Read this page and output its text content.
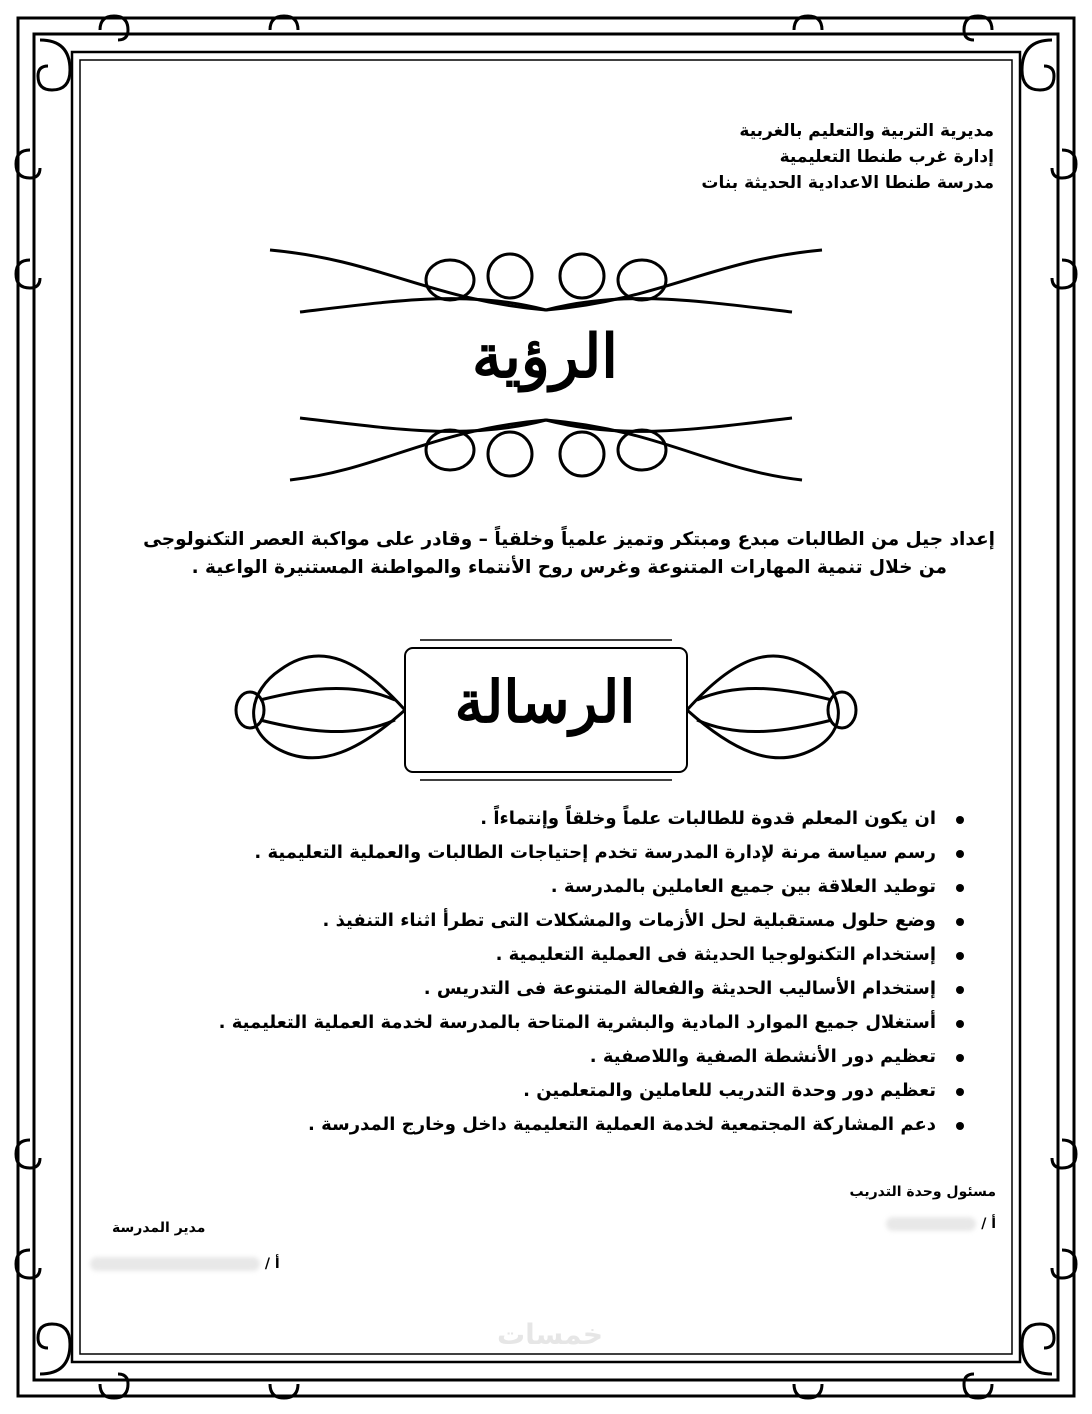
مديرية التربية والتعليم بالغربية
إدارة غرب طنطا التعليمية
مدرسة طنطا الاعدادية الحديثة بنات
الرؤية
إعداد جيل من الطالبات مبدع ومبتكر وتميز علمياً وخلقياً – وقادر على مواكبة العصر التكنولوجى
من خلال تنمية المهارات المتنوعة وغرس روح الأنتماء والمواطنة المستنيرة الواعية .
الرسالة
ان يكون المعلم قدوة للطالبات علماً وخلقاً وإنتماءاً .
رسم سياسة مرنة لإدارة المدرسة تخدم إحتياجات الطالبات والعملية التعليمية .
توطيد العلاقة بين جميع العاملين بالمدرسة .
وضع حلول مستقبلية لحل الأزمات والمشكلات التى تطرأ اثناء التنفيذ .
إستخدام التكنولوجيا الحديثة فى العملية التعليمية .
إستخدام الأساليب الحديثة والفعالة المتنوعة فى التدريس .
أستغلال جميع الموارد المادية والبشرية المتاحة بالمدرسة لخدمة العملية التعليمية .
تعظيم دور الأنشطة الصفية واللاصفية .
تعظيم دور وحدة التدريب للعاملين والمتعلمين .
دعم المشاركة المجتمعية لخدمة العملية التعليمية داخل وخارج المدرسة .
مسئول وحدة التدريب
أ /
مدير المدرسة
أ /
خمسات
